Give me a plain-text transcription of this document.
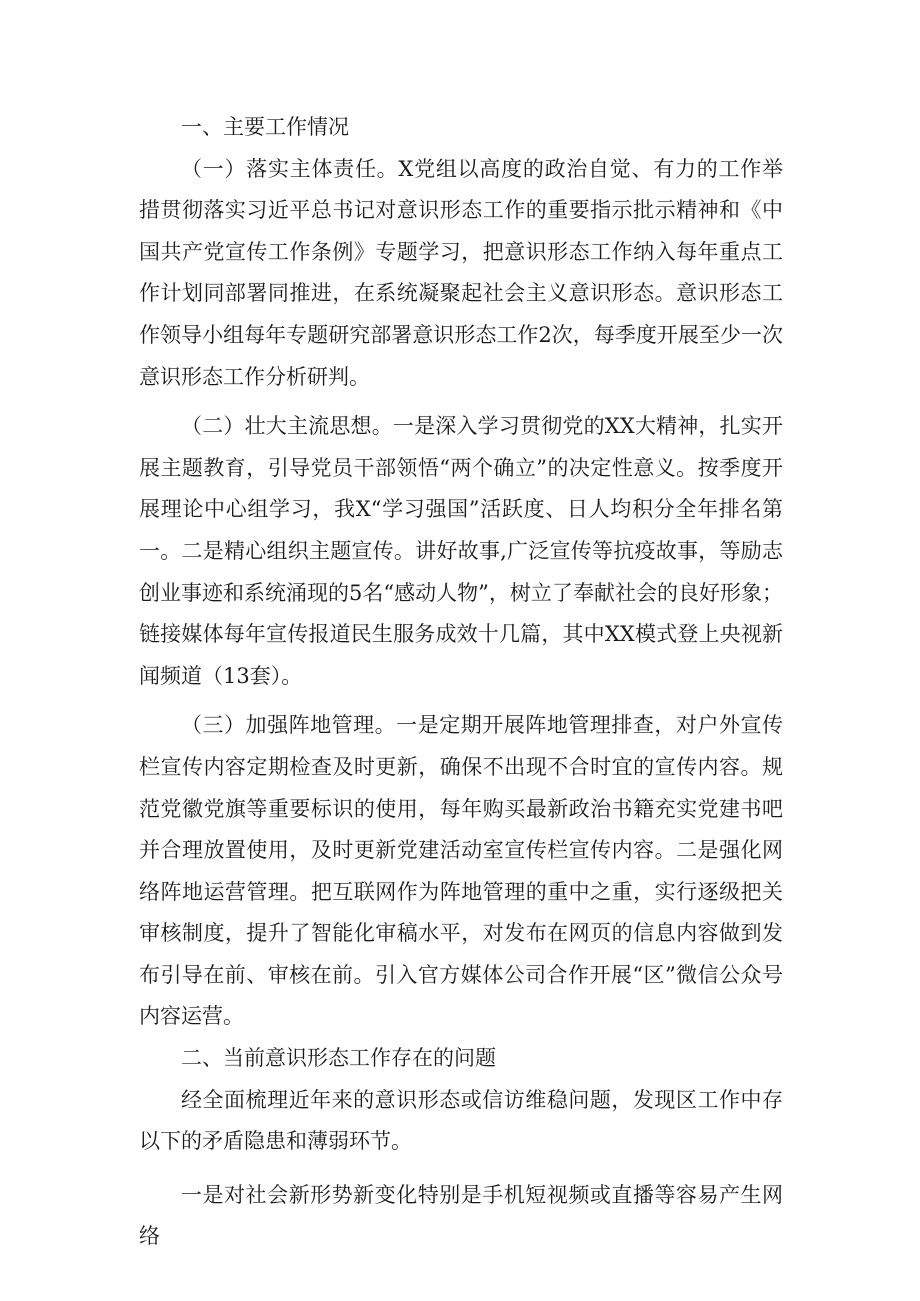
一、主要工作情况

（一）落实主体责任。X党组以高度的政治自觉、有力的工作举措贯彻落实习近平总书记对意识形态工作的重要指示批示精神和《中国共产党宣传工作条例》专题学习，把意识形态工作纳入每年重点工作计划同部署同推进，在系统凝聚起社会主义意识形态。意识形态工作领导小组每年专题研究部署意识形态工作2次，每季度开展至少一次意识形态工作分析研判。

（二）壮大主流思想。一是深入学习贯彻党的XX大精神，扎实开展主题教育，引导党员干部领悟“两个确立”的决定性意义。按季度开展理论中心组学习，我X“学习强国”活跃度、日人均积分全年排名第一。二是精心组织主题宣传。讲好故事,广泛宣传等抗疫故事，等励志创业事迹和系统涌现的5名“感动人物”，树立了奉献社会的良好形象；链接媒体每年宣传报道民生服务成效十几篇，其中XX模式登上央视新闻频道（13套）。

（三）加强阵地管理。一是定期开展阵地管理排查，对户外宣传栏宣传内容定期检查及时更新，确保不出现不合时宜的宣传内容。规范党徽党旗等重要标识的使用，每年购买最新政治书籍充实党建书吧并合理放置使用，及时更新党建活动室宣传栏宣传内容。二是强化网络阵地运营管理。把互联网作为阵地管理的重中之重，实行逐级把关审核制度，提升了智能化审稿水平，对发布在网页的信息内容做到发布引导在前、审核在前。引入官方媒体公司合作开展“区”微信公众号内容运营。

二、当前意识形态工作存在的问题

经全面梳理近年来的意识形态或信访维稳问题，发现区工作中存以下的矛盾隐患和薄弱环节。

一是对社会新形势新变化特别是手机短视频或直播等容易产生网络
